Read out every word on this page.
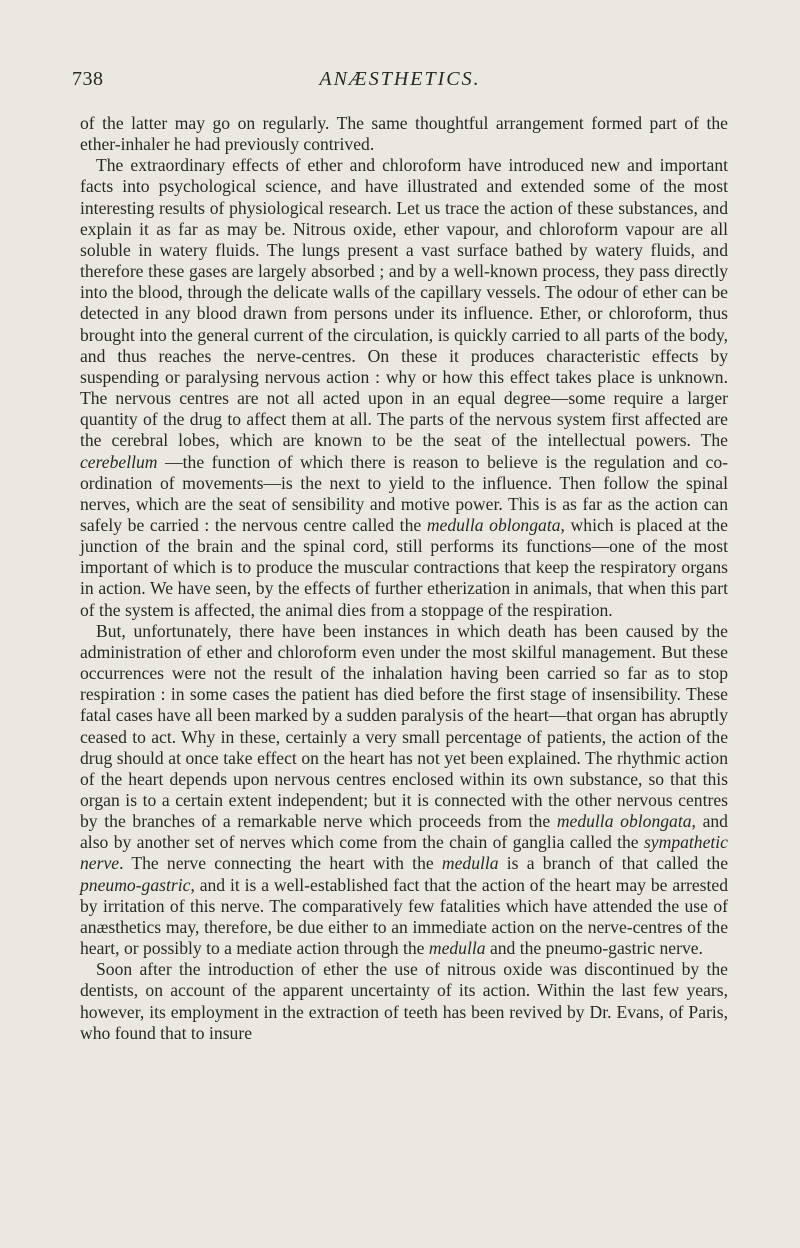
738	ANÆSTHETICS.

of the latter may go on regularly. The same thoughtful arrangement formed part of the ether-inhaler he had previously contrived.

The extraordinary effects of ether and chloroform have introduced new and important facts into psychological science, and have illustrated and extended some of the most interesting results of physiological research. Let us trace the action of these substances, and explain it as far as may be. Nitrous oxide, ether vapour, and chloroform vapour are all soluble in watery fluids. The lungs present a vast surface bathed by watery fluids, and therefore these gases are largely absorbed ; and by a well-known process, they pass directly into the blood, through the delicate walls of the capillary vessels. The odour of ether can be detected in any blood drawn from persons under its influence. Ether, or chloroform, thus brought into the general current of the circulation, is quickly carried to all parts of the body, and thus reaches the nerve-centres. On these it produces characteristic effects by suspending or paralysing nervous action : why or how this effect takes place is unknown. The nervous centres are not all acted upon in an equal degree—some require a larger quantity of the drug to affect them at all. The parts of the nervous system first affected are the cerebral lobes, which are known to be the seat of the intellectual powers. The cerebellum —the function of which there is reason to believe is the regulation and co-ordination of movements—is the next to yield to the influence. Then follow the spinal nerves, which are the seat of sensibility and motive power. This is as far as the action can safely be carried : the nervous centre called the medulla oblongata, which is placed at the junction of the brain and the spinal cord, still performs its functions—one of the most important of which is to produce the muscular contractions that keep the respiratory organs in action. We have seen, by the effects of further etherization in animals, that when this part of the system is affected, the animal dies from a stoppage of the respiration.

But, unfortunately, there have been instances in which death has been caused by the administration of ether and chloroform even under the most skilful management. But these occurrences were not the result of the inhalation having been carried so far as to stop respiration : in some cases the patient has died before the first stage of insensibility. These fatal cases have all been marked by a sudden paralysis of the heart—that organ has abruptly ceased to act. Why in these, certainly a very small percentage of patients, the action of the drug should at once take effect on the heart has not yet been explained. The rhythmic action of the heart depends upon nervous centres enclosed within its own substance, so that this organ is to a certain extent independent; but it is connected with the other nervous centres by the branches of a remarkable nerve which proceeds from the medulla oblongata, and also by another set of nerves which come from the chain of ganglia called the sympathetic nerve. The nerve connecting the heart with the medulla is a branch of that called the pneumo-gastric, and it is a well-established fact that the action of the heart may be arrested by irritation of this nerve. The comparatively few fatalities which have attended the use of anæsthetics may, therefore, be due either to an immediate action on the nerve-centres of the heart, or possibly to a mediate action through the medulla and the pneumo-gastric nerve.

Soon after the introduction of ether the use of nitrous oxide was discontinued by the dentists, on account of the apparent uncertainty of its action. Within the last few years, however, its employment in the extraction of teeth has been revived by Dr. Evans, of Paris, who found that to insure
